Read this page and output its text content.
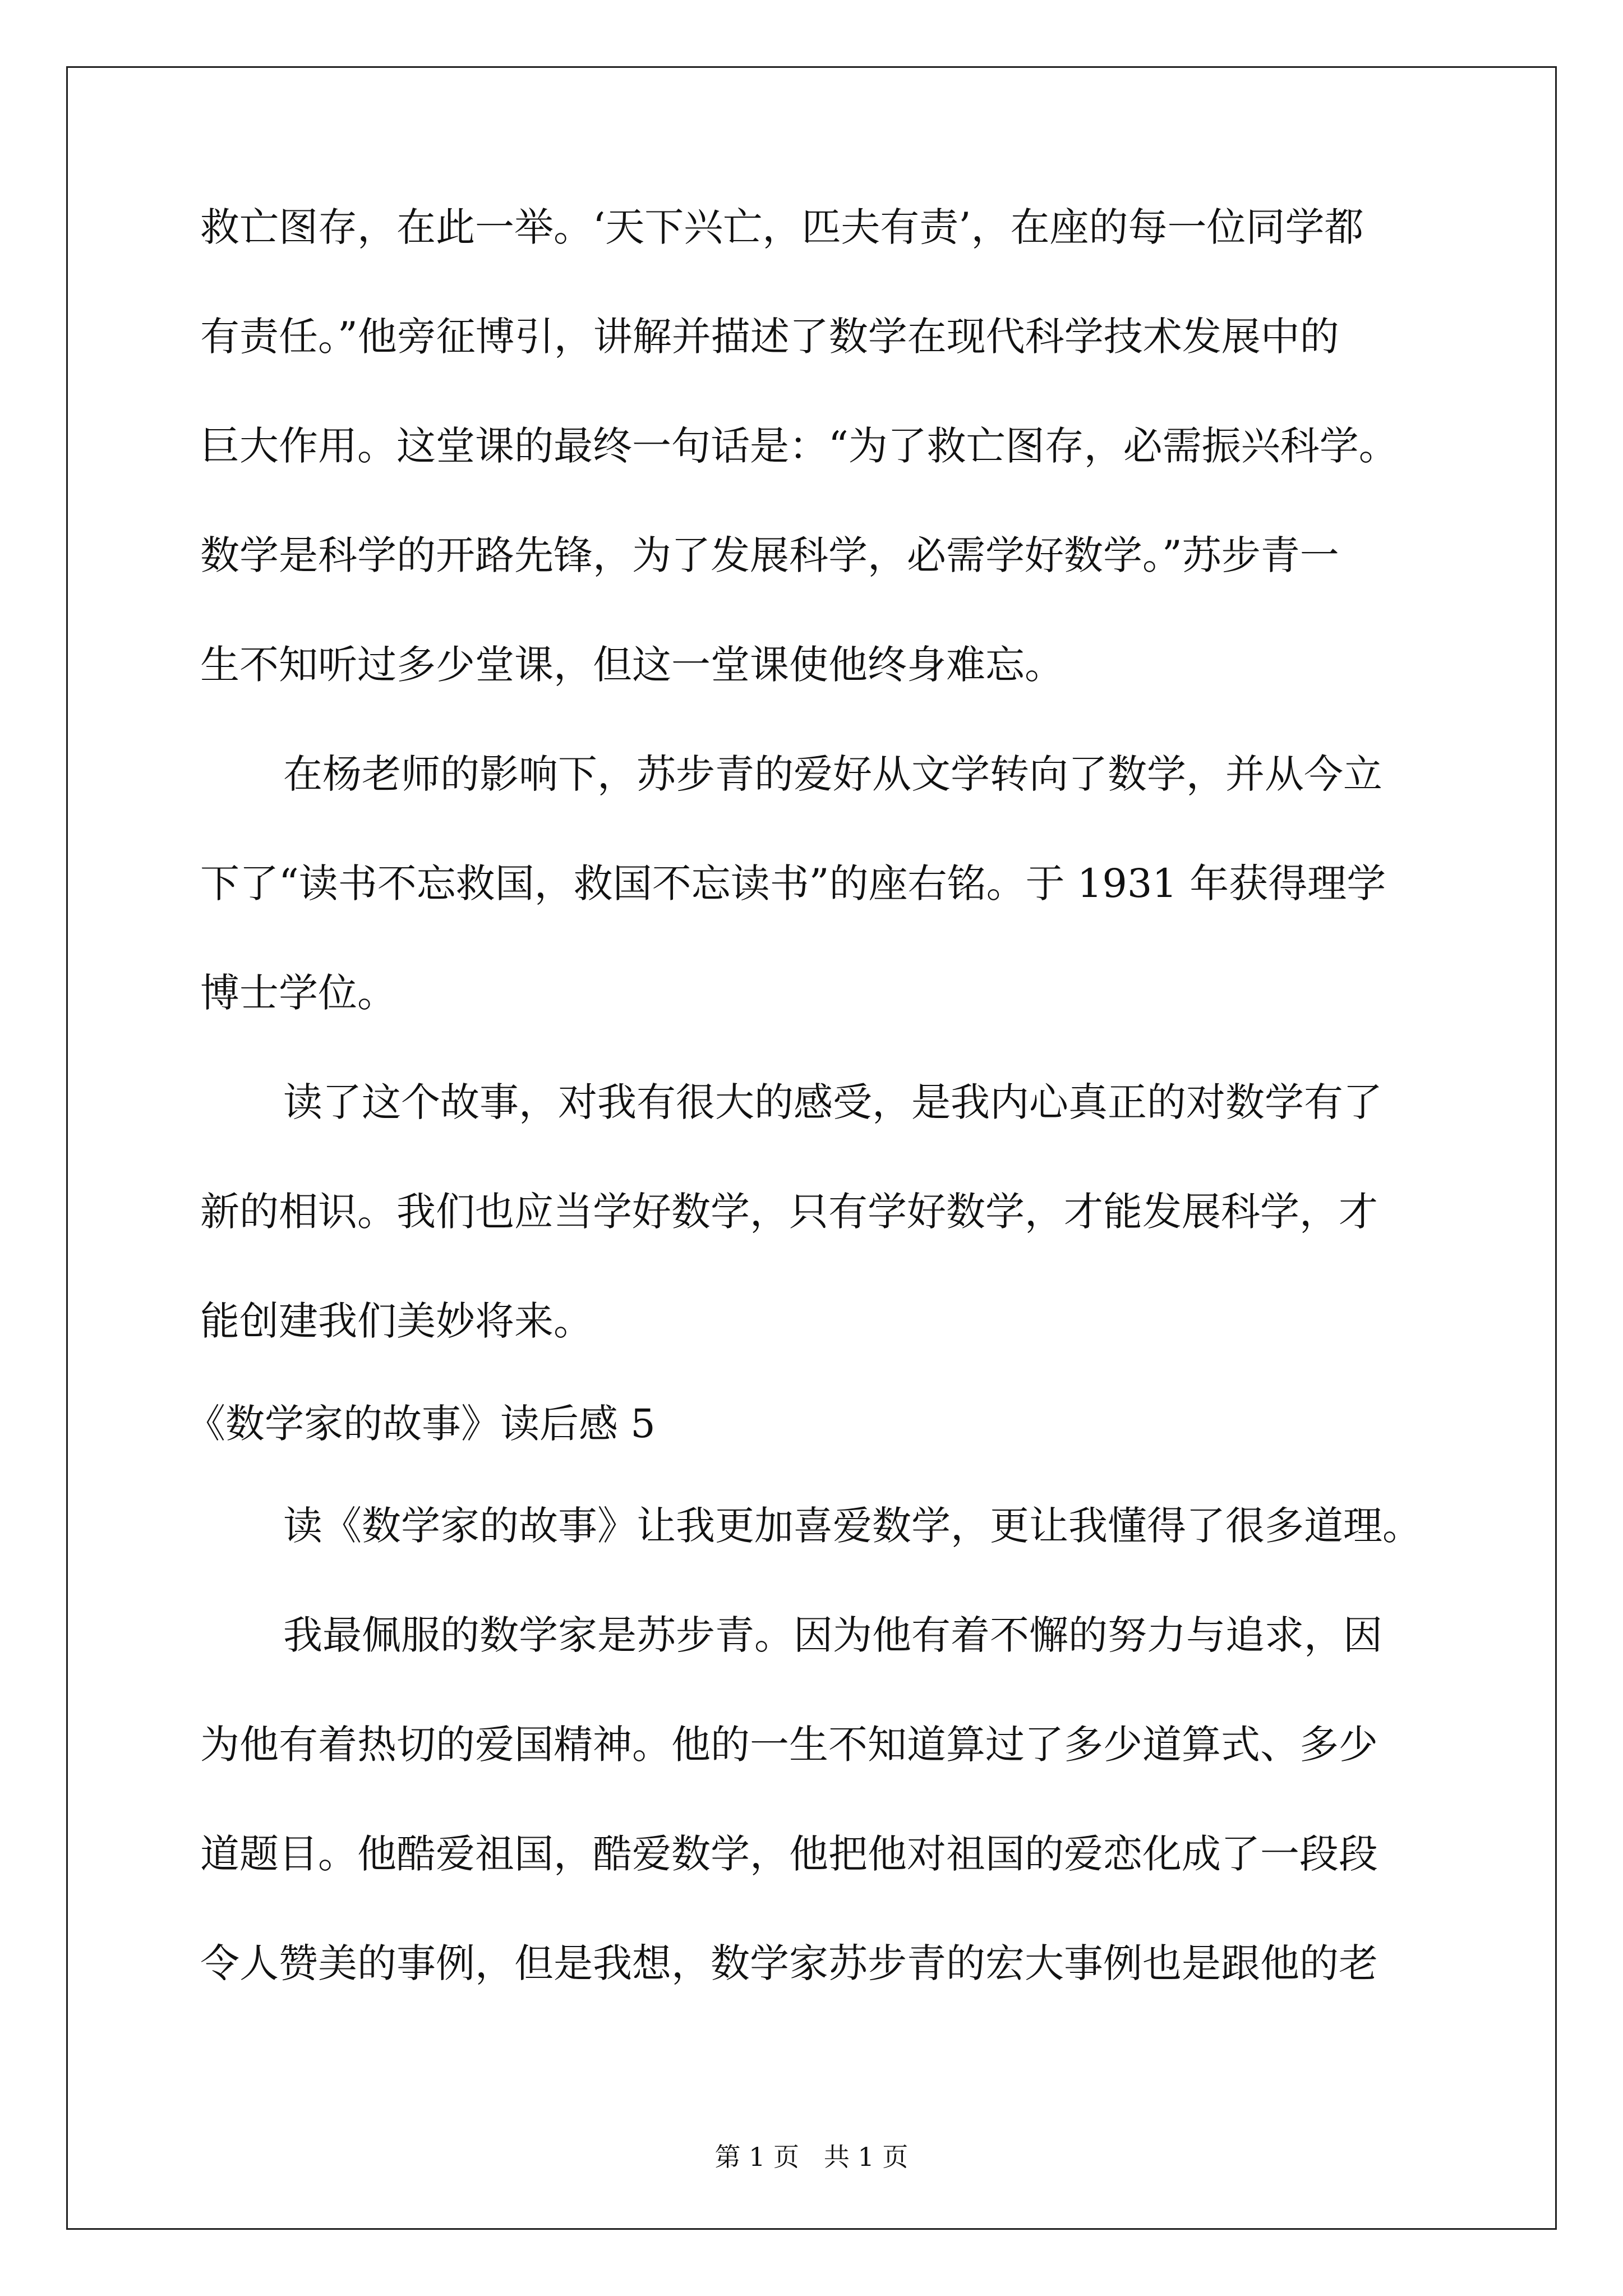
救亡图存，在此一举。‘天下兴亡，匹夫有责’，在座的每一位同学都
有责任。”他旁征博引，讲解并描述了数学在现代科学技术发展中的
巨大作用。这堂课的最终一句话是：“为了救亡图存，必需振兴科学。
数学是科学的开路先锋，为了发展科学，必需学好数学。”苏步青一
生不知听过多少堂课，但这一堂课使他终身难忘。
在杨老师的影响下，苏步青的爱好从文学转向了数学，并从今立
下了“读书不忘救国，救国不忘读书”的座右铭。于 1931 年获得理学
博士学位。
读了这个故事，对我有很大的感受，是我内心真正的对数学有了
新的相识。我们也应当学好数学，只有学好数学，才能发展科学，才
能创建我们美妙将来。
《数学家的故事》读后感 5
读《数学家的故事》让我更加喜爱数学，更让我懂得了很多道理。
我最佩服的数学家是苏步青。因为他有着不懈的努力与追求，因
为他有着热切的爱国精神。他的一生不知道算过了多少道算式、多少
道题目。他酷爱祖国，酷爱数学，他把他对祖国的爱恋化成了一段段
令人赞美的事例，但是我想，数学家苏步青的宏大事例也是跟他的老
第 1 页   共 1 页
